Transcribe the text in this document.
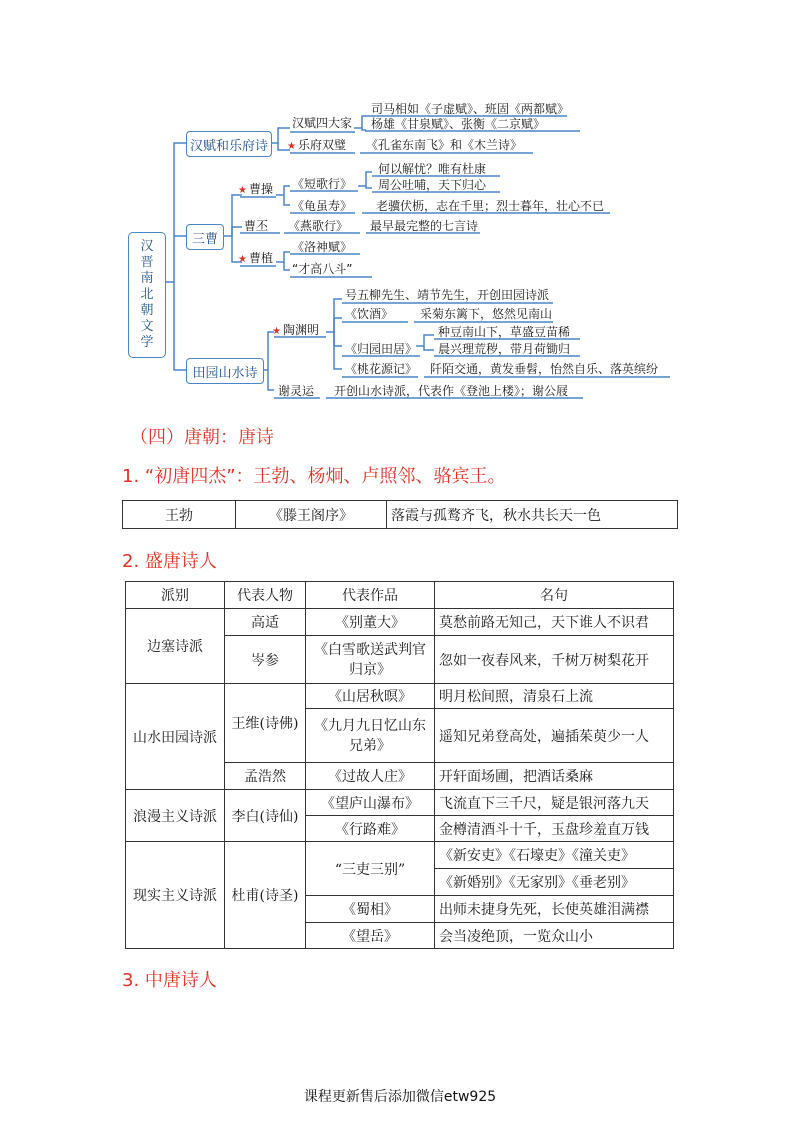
汉
晋
南
北
朝
文
学
汉赋和乐府诗
汉赋四大家
司马相如《子虚赋》、班固《两都赋》
杨雄《甘泉赋》、张衡《二京赋》
★ 乐府双璧 《孔雀东南飞》和《木兰诗》
三曹
★ 曹操 《短歌行》
何以解忧？唯有杜康
周公吐哺，天下归心
《龟虽寿》 老骥伏枥，志在千里；烈士暮年，壮心不已
曹丕 《燕歌行》 最早最完整的七言诗
★ 曹植
《洛神赋》
“才高八斗”
田园山水诗
★ 陶渊明
号五柳先生、靖节先生，开创田园诗派
《饮酒》 采菊东篱下，悠然见南山
《归园田居》
种豆南山下，草盛豆苗稀
晨兴理荒秽，带月荷锄归
《桃花源记》 阡陌交通，黄发垂髫，怡然自乐、落英缤纷
谢灵运 开创山水诗派，代表作《登池上楼》；谢公屐
（四）唐朝：唐诗
1. “初唐四杰”：王勃、杨炯、卢照邻、骆宾王。
王勃	《滕王阁序》	落霞与孤鹜齐飞，秋水共长天一色
2. 盛唐诗人
派别	代表人物	代表作品	名句
边塞诗派	高适	《别董大》	莫愁前路无知己，天下谁人不识君
	岑参	《白雪歌送武判官
归京》	忽如一夜春风来，千树万树梨花开
山水田园诗派	王维(诗佛)	《山居秋暝》	明月松间照，清泉石上流

		《九月九日忆山东
兄弟》	遥知兄弟登高处，遍插茱萸少一人
	孟浩然	《过故人庄》	开轩面场圃，把酒话桑麻
浪漫主义诗派	李白(诗仙)	《望庐山瀑布》	飞流直下三千尺，疑是银河落九天
		《行路难》	金樽清酒斗十千，玉盘珍羞直万钱
现实主义诗派	杜甫(诗圣)	“三吏三别”	《新安吏》《石壕吏》《潼关吏》
			《新婚别》《无家别》《垂老别》
		《蜀相》	出师未捷身先死，长使英雄泪满襟
		《望岳》	会当凌绝顶，一览众山小
3. 中唐诗人
课程更新售后添加微信etw925
